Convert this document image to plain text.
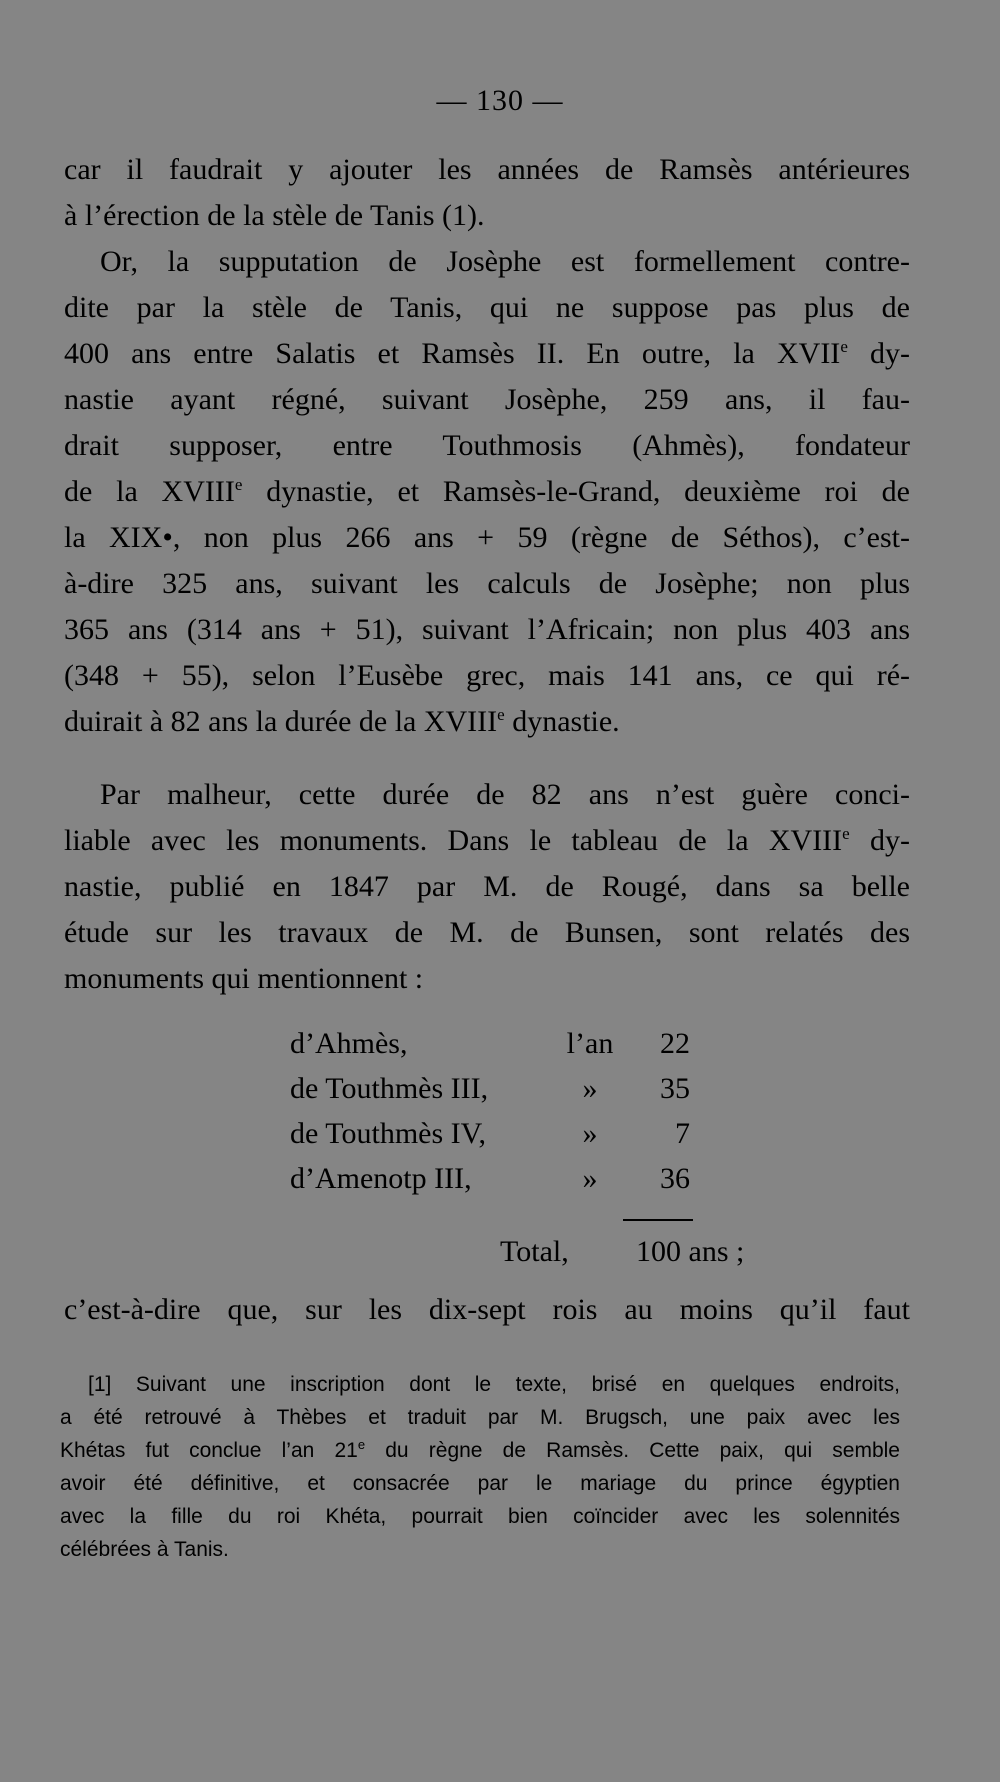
— 130 —
car il faudrait y ajouter les années de Ramsès antérieures
à l’érection de la stèle de Tanis (1).
Or, la supputation de Josèphe est formellement contre-
dite par la stèle de Tanis, qui ne suppose pas plus de
400 ans entre Salatis et Ramsès II. En outre, la XVIIe dy-
nastie ayant régné, suivant Josèphe, 259 ans, il fau-
drait supposer, entre Touthmosis (Ahmès), fondateur
de la XVIIIe dynastie, et Ramsès-le-Grand, deuxième roi de
la XIX•, non plus 266 ans + 59 (règne de Séthos), c’est-
à-dire 325 ans, suivant les calculs de Josèphe; non plus
365 ans (314 ans + 51), suivant l’Africain; non plus 403 ans
(348 + 55), selon l’Eusèbe grec, mais 141 ans, ce qui ré-
duirait à 82 ans la durée de la XVIIIe dynastie.
Par malheur, cette durée de 82 ans n’est guère conci-
liable avec les monuments. Dans le tableau de la XVIIIe dy-
nastie, publié en 1847 par M. de Rougé, dans sa belle
étude sur les travaux de M. de Bunsen, sont relatés des
monuments qui mentionnent :
d’Ahmès,	l’an	22
de Touthmès III,	»	35
de Touthmès IV,	»	7
d’Amenotp III,	»	36
Total, 100 ans ;
c’est-à-dire que, sur les dix-sept rois au moins qu’il faut
[1] Suivant une inscription dont le texte, brisé en quelques endroits,
a été retrouvé à Thèbes et traduit par M. Brugsch, une paix avec les
Khétas fut conclue l’an 21e du règne de Ramsès. Cette paix, qui semble
avoir été définitive, et consacrée par le mariage du prince égyptien
avec la fille du roi Khéta, pourrait bien coïncider avec les solennités
célébrées à Tanis.
